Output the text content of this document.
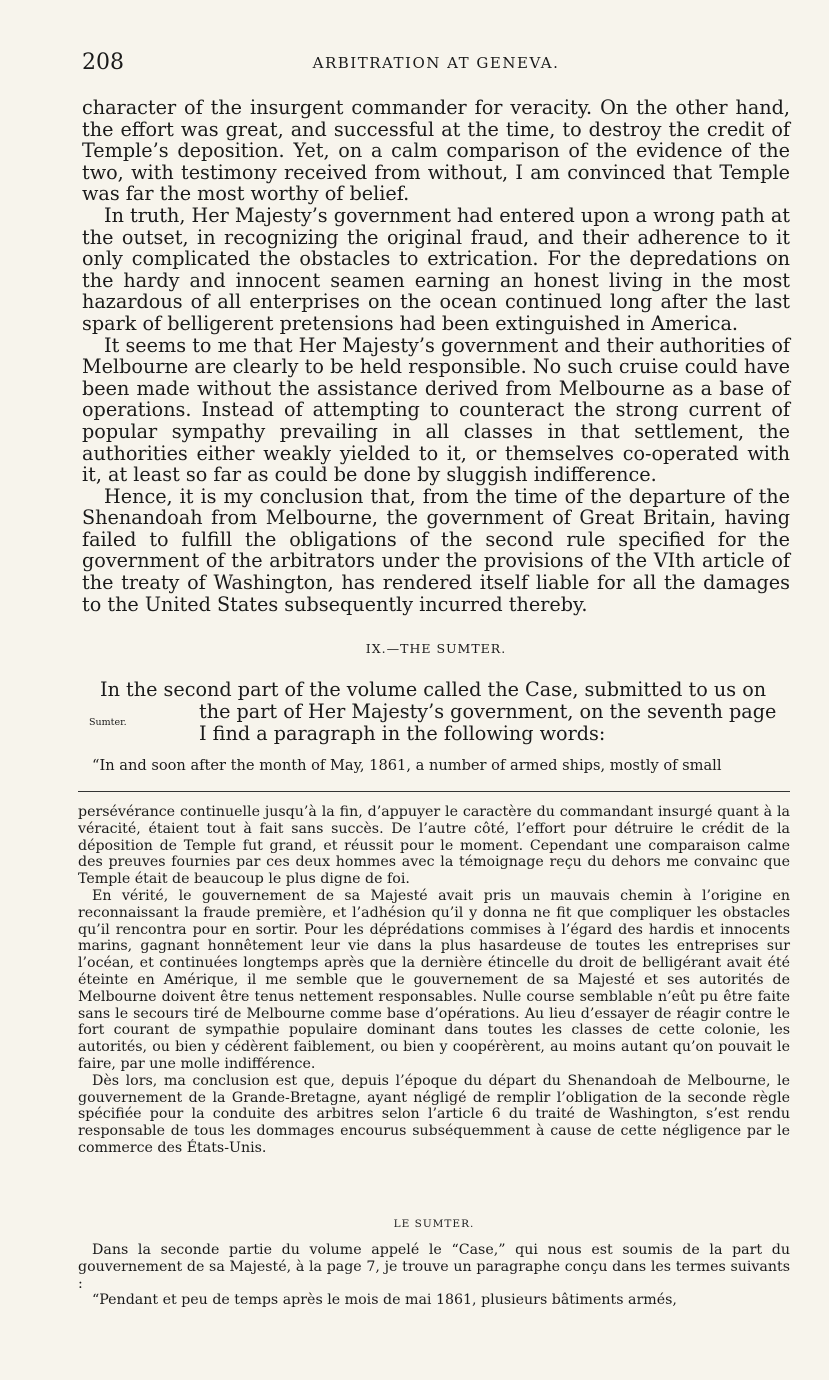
208	ARBITRATION AT GENEVA.

character of the insurgent commander for veracity. On the other hand, the effort was great, and successful at the time, to destroy the credit of Temple’s deposition. Yet, on a calm comparison of the evidence of the two, with testimony received from without, I am convinced that Temple was far the most worthy of belief.

In truth, Her Majesty’s government had entered upon a wrong path at the outset, in recognizing the original fraud, and their adherence to it only complicated the obstacles to extrication. For the depredations on the hardy and innocent seamen earning an honest living in the most hazardous of all enterprises on the ocean continued long after the last spark of belligerent pretensions had been extinguished in America.

It seems to me that Her Majesty’s government and their authorities of Melbourne are clearly to be held responsible. No such cruise could have been made without the assistance derived from Melbourne as a base of operations. Instead of attempting to counteract the strong current of popular sympathy prevailing in all classes in that settlement, the authorities either weakly yielded to it, or themselves co-operated with it, at least so far as could be done by sluggish indifference.

Hence, it is my conclusion that, from the time of the departure of the Shenandoah from Melbourne, the government of Great Britain, having failed to fulfill the obligations of the second rule specified for the government of the arbitrators under the provisions of the VIth article of the treaty of Washington, has rendered itself liable for all the damages to the United States subsequently incurred thereby.

IX.—THE SUMTER.
In the second part of the volume called the Case, submitted to us on
the part of Her Majesty’s government, on the seventh page
I find a paragraph in the following words:
Sumter.
“In and soon after the month of May, 1861, a number of armed ships, mostly of small

persévérance continuelle jusqu’à la fin, d’appuyer le caractère du commandant insurgé quant à la véracité, étaient tout à fait sans succès. De l’autre côté, l’effort pour détruire le crédit de la déposition de Temple fut grand, et réussit pour le moment. Cependant une comparaison calme des preuves fournies par ces deux hommes avec la témoignage reçu du dehors me convainc que Temple était de beaucoup le plus digne de foi.

En vérité, le gouvernement de sa Majesté avait pris un mauvais chemin à l’origine en reconnaissant la fraude première, et l’adhésion qu’il y donna ne fit que compliquer les obstacles qu’il rencontra pour en sortir. Pour les déprédations commises à l’égard des hardis et innocents marins, gagnant honnêtement leur vie dans la plus hasardeuse de toutes les entreprises sur l’océan, et continuées longtemps après que la dernière étincelle du droit de belligérant avait été éteinte en Amérique, il me semble que le gouvernement de sa Majesté et ses autorités de Melbourne doivent être tenus nettement responsables. Nulle course semblable n’eût pu être faite sans le secours tiré de Melbourne comme base d’opérations. Au lieu d’essayer de réagir contre le fort courant de sympathie populaire dominant dans toutes les classes de cette colonie, les autorités, ou bien y cédèrent faiblement, ou bien y coopérèrent, au moins autant qu’on pouvait le faire, par une molle indifférence.

Dès lors, ma conclusion est que, depuis l’époque du départ du Shenandoah de Melbourne, le gouvernement de la Grande-Bretagne, ayant négligé de remplir l’obligation de la seconde règle spécifiée pour la conduite des arbitres selon l’article 6 du traité de Washington, s’est rendu responsable de tous les dommages encourus subséquemment à cause de cette négligence par le commerce des États-Unis.

LE SUMTER.

Dans la seconde partie du volume appelé le “Case,” qui nous est soumis de la part du gouvernement de sa Majesté, à la page 7, je trouve un paragraphe conçu dans les termes suivants :

“Pendant et peu de temps après le mois de mai 1861, plusieurs bâtiments armés,
